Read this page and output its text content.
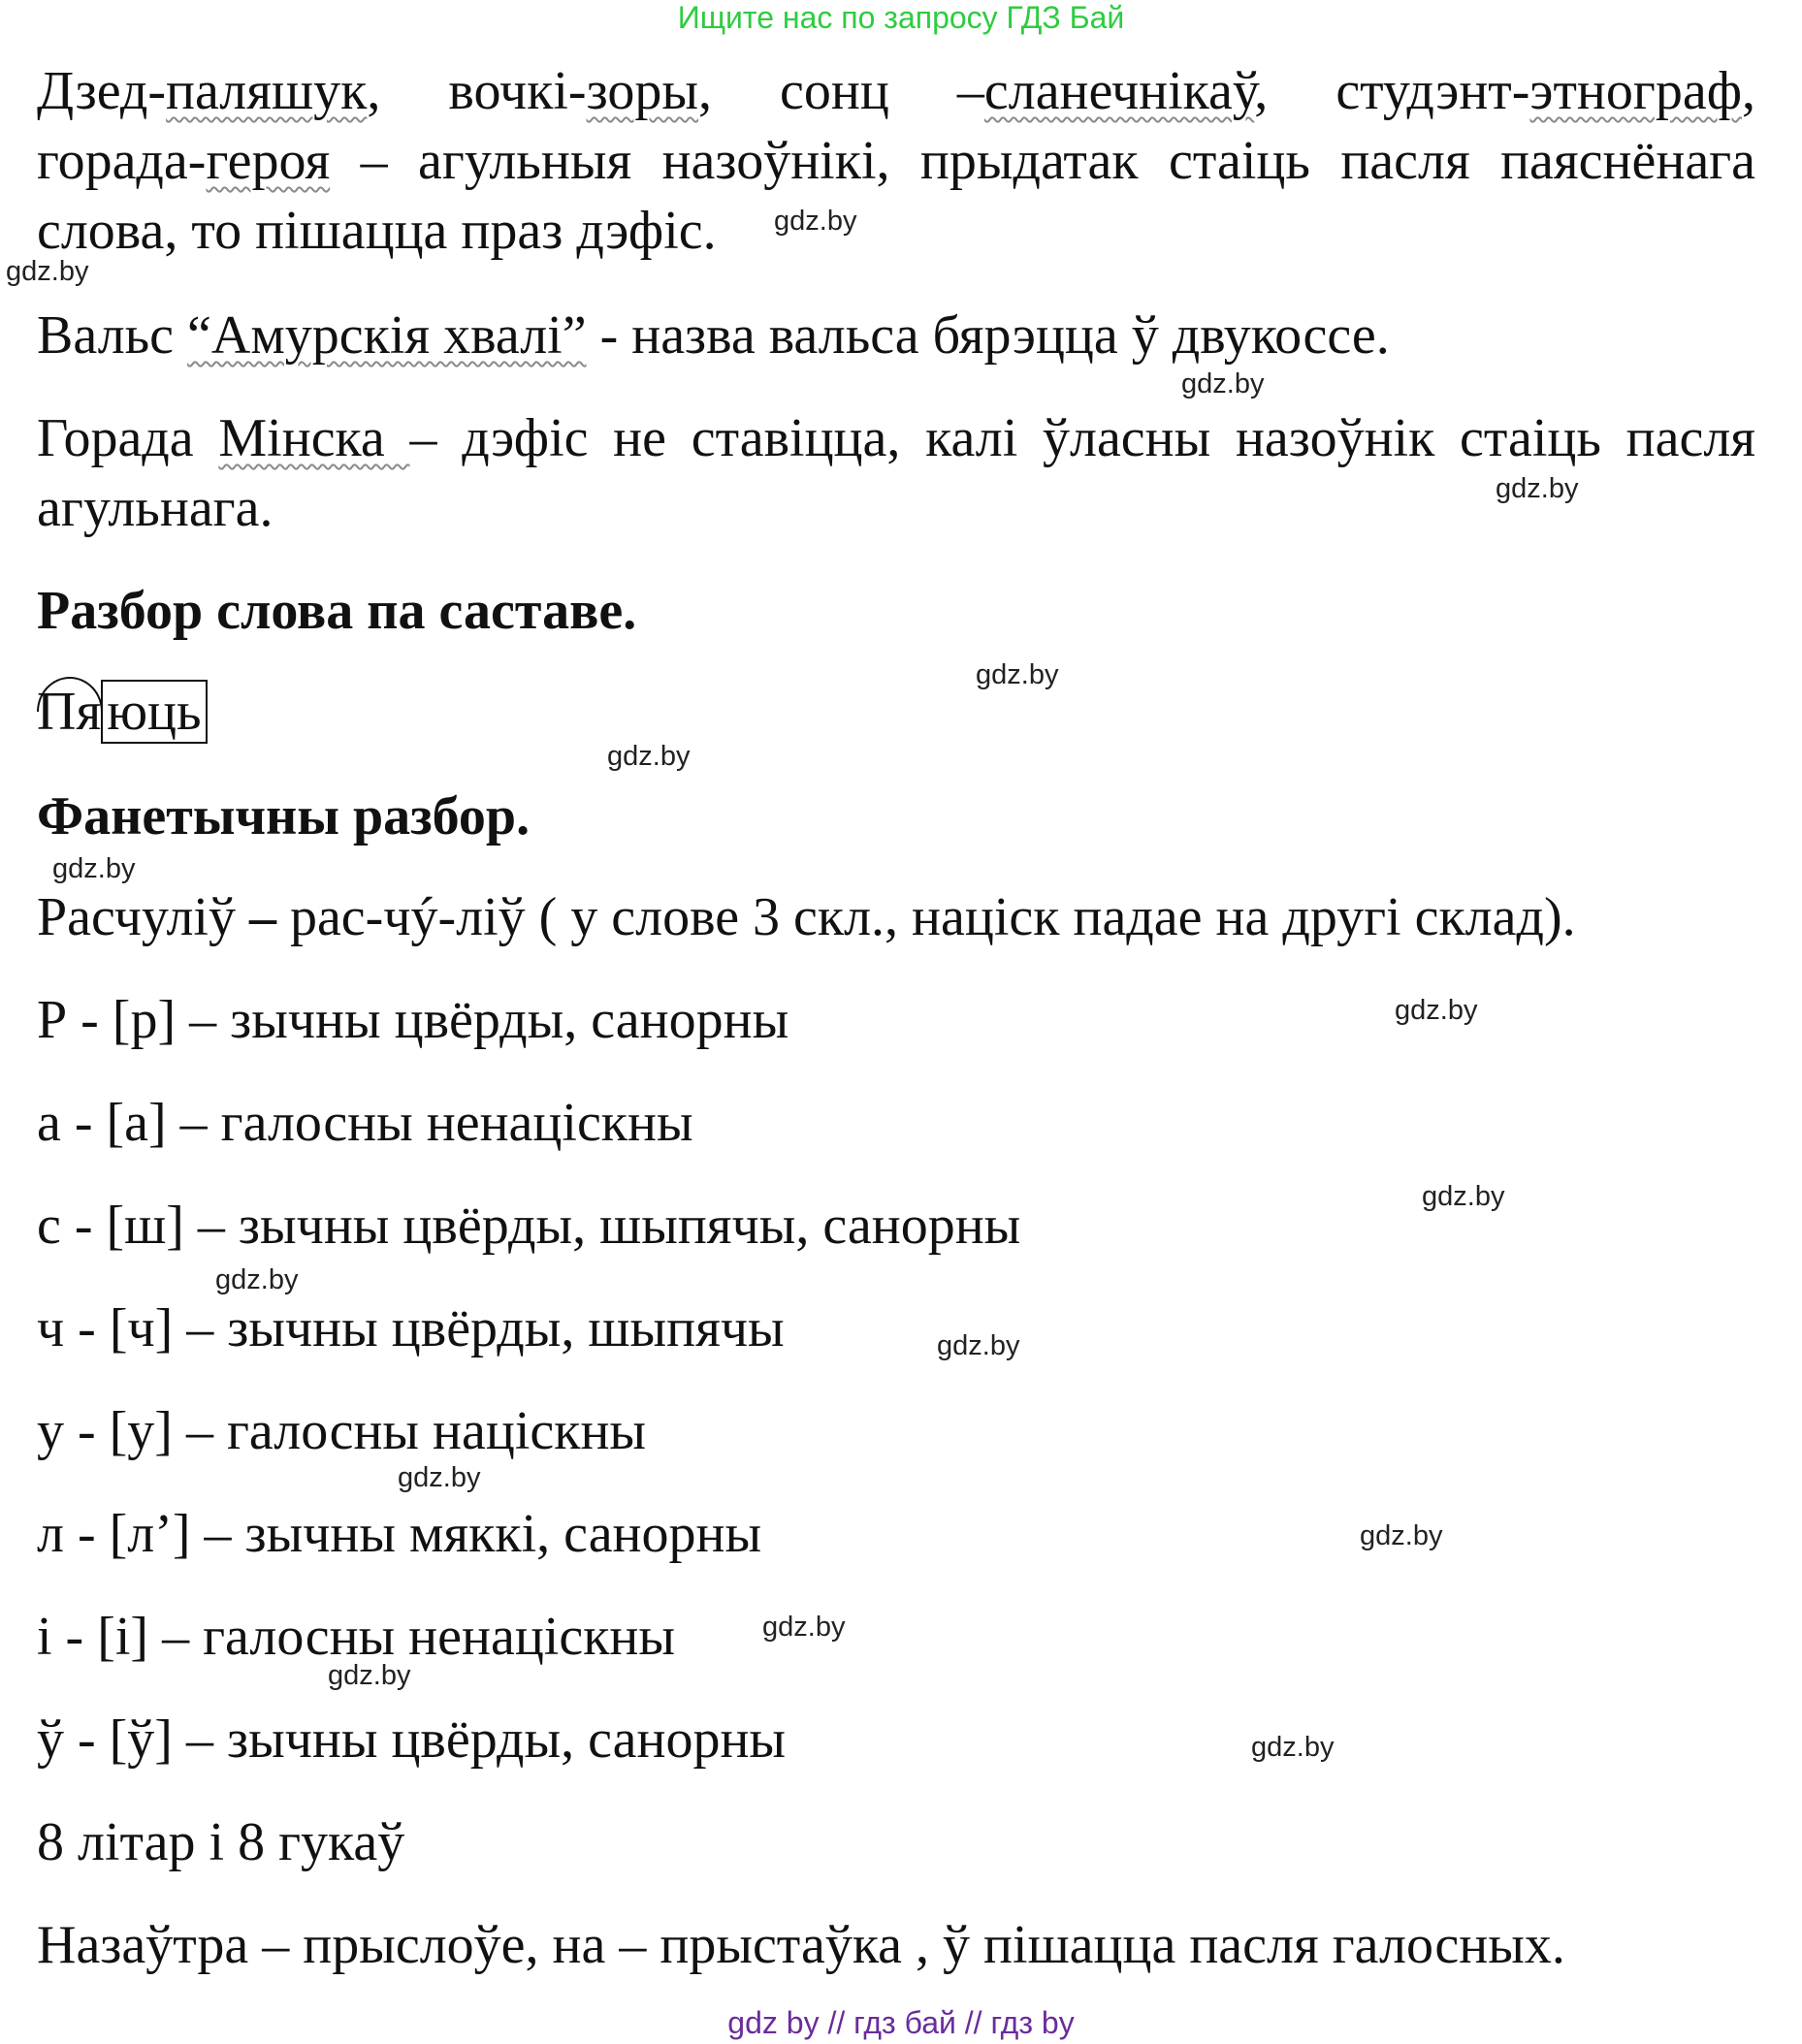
Ищите нас по запросу ГДЗ Бай
Дзед-паляшук, вочкі-зоры, сонц –сланечнікаў, студэнт-этнограф,
горада-героя – агульныя назоўнікі, прыдатак стаіць пасля паяснёнага
слова, то пішацца праз дэфіс.	gdz.by
gdz.by
Вальс “Амурскія хвалі” - назва вальса бярэцца ў двукоссе.
gdz.by
Горада Мінска – дэфіс не ставіцца, калі ўласны назоўнік стаіць пасля
агульнага.	gdz.by
Разбор слова па саставе.
gdz.by
Пя юць
gdz.by
Фанетычны разбор.
gdz.by
Расчуліў – рас-чý-ліў ( у слове 3 скл., націск падае на другі склад).
Р - [р] – зычны цвёрды, санорны	gdz.by
а - [а] – галосны ненаціскны
с - [ш] – зычны цвёрды, шыпячы, санорны	gdz.by
gdz.by
ч - [ч] – зычны цвёрды, шыпячы	gdz.by
у - [у] – галосны націскны
gdz.by
л - [л’] – зычны мяккі, санорны	gdz.by
і - [і] – галосны ненаціскны	gdz.by
gdz.by
ў - [ў] – зычны цвёрды, санорны	gdz.by
8 літар і 8 гукаў
Назаўтра – прыслоўе, на – прыстаўка , ў пішацца пасля галосных.
gdz by // гдз бай // гдз by
